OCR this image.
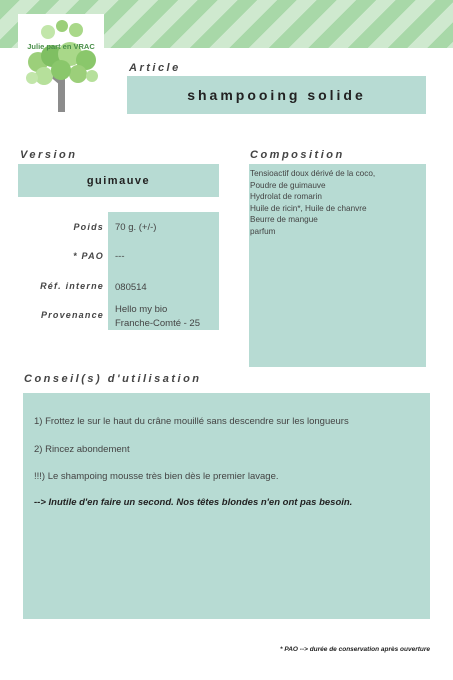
Julie part en VRAC
Article
shampooing solide
Version
guimauve
Poids 70 g. (+/-)
* PAO ---
Réf. interne 080514
Provenance Hello my bio
Franche-Comté - 25
Composition
Tensioactif doux dérivé de la coco,
Poudre de guimauve
Hydrolat de romarin
Huile de ricin*, Huile de chanvre
Beurre de mangue
parfum
Conseil(s) d'utilisation
1) Frottez le sur le haut du crâne mouillé sans descendre sur les longueurs
2) Rincez abondement
!!!) Le shampoing mousse très bien dès le premier lavage.
--> Inutile d'en faire un second. Nos têtes blondes n'en ont pas besoin.
* PAO --> durée de conservation après ouverture
